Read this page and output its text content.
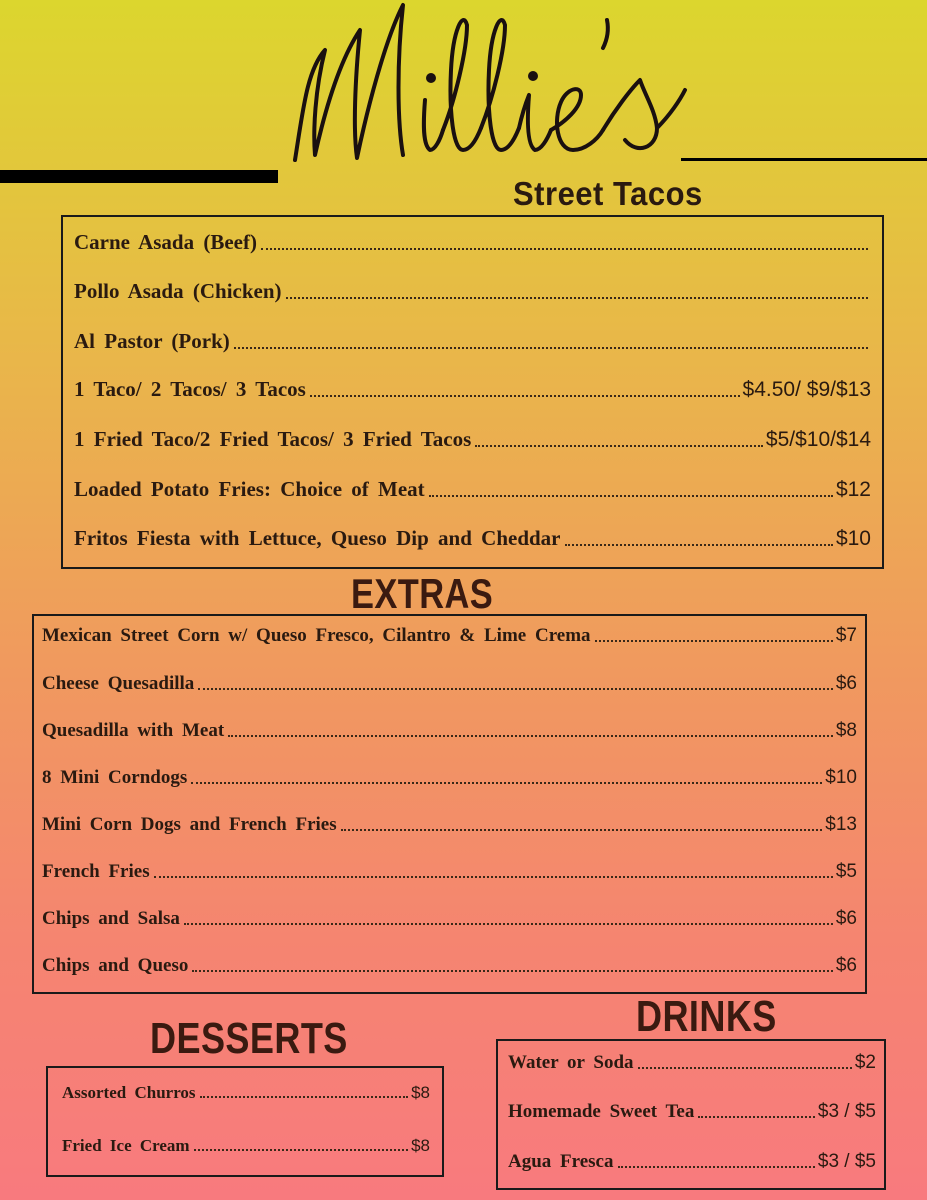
Street Tacos
Carne Asada (Beef)
Pollo Asada (Chicken)
Al Pastor (Pork)
1 Taco/ 2 Tacos/ 3 Tacos	$4.50/ $9/$13
1 Fried Taco/2 Fried Tacos/ 3 Fried Tacos	$5/$10/$14
Loaded Potato Fries: Choice of Meat	$12
Fritos Fiesta with Lettuce, Queso Dip and Cheddar	$10
EXTRAS
Mexican Street Corn w/ Queso Fresco, Cilantro & Lime Crema	$7
Cheese Quesadilla	$6
Quesadilla with Meat	$8
8 Mini Corndogs	$10
Mini Corn Dogs and French Fries	$13
French Fries	$5
Chips and Salsa	$6
Chips and Queso	$6
DESSERTS
Assorted Churros	$8
Fried Ice Cream	$8
DRINKS
Water or Soda	$2
Homemade Sweet Tea	$3 / $5
Agua Fresca	$3 / $5
